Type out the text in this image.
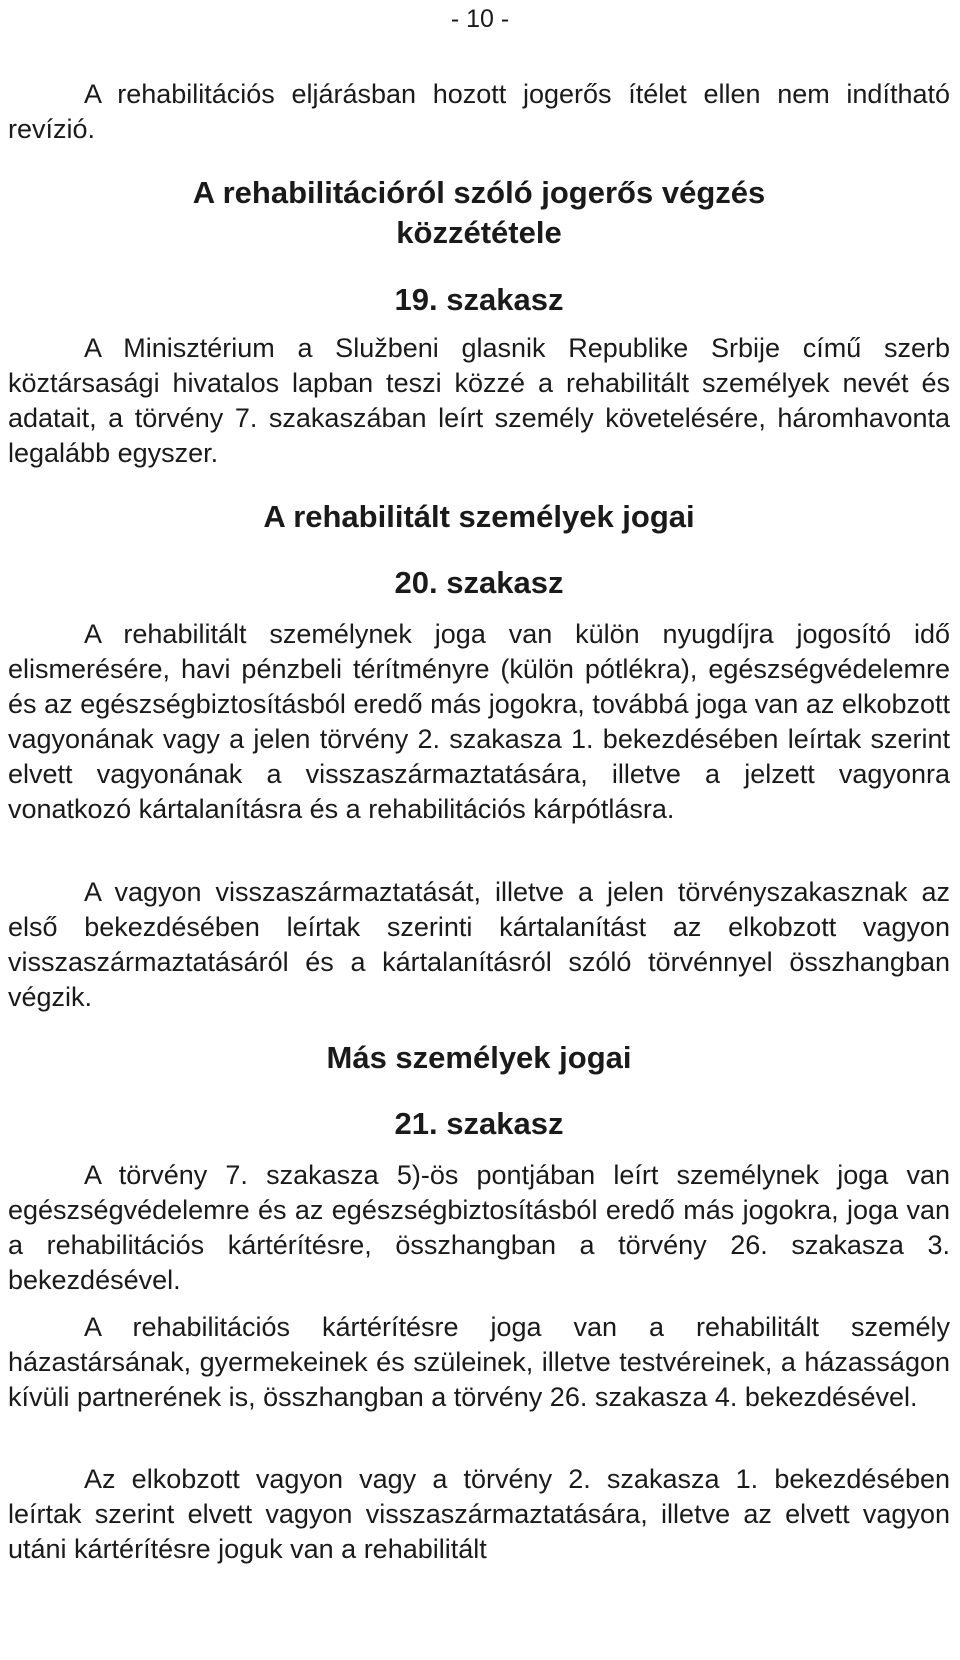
- 10 -

A rehabilitációs eljárásban hozott jogerős ítélet ellen nem indítható revízió.

A rehabilitációról szóló jogerős végzés
közzététele
19. szakasz

A Minisztérium a Službeni glasnik Republike Srbije című szerb köztársasági hivatalos lapban teszi közzé a rehabilitált személyek nevét és adatait, a törvény 7. szakaszában leírt személy követelésére, háromhavonta legalább egyszer.

A rehabilitált személyek jogai
20. szakasz

A rehabilitált személynek joga van külön nyugdíjra jogosító idő elismerésére, havi pénzbeli térítményre (külön pótlékra), egészségvédelemre és az egészségbiztosításból eredő más jogokra, továbbá joga van az elkobzott vagyonának vagy a jelen törvény 2. szakasza 1. bekezdésében leírtak szerint elvett vagyonának a visszaszármaztatására, illetve a jelzett vagyonra vonatkozó kártalanításra és a rehabilitációs kárpótlásra.

A vagyon visszaszármaztatását, illetve a jelen törvényszakasznak az első bekezdésében leírtak szerinti kártalanítást az elkobzott vagyon visszaszármaztatásáról és a kártalanításról szóló törvénnyel összhangban végzik.

Más személyek jogai
21. szakasz

A törvény 7. szakasza 5)-ös pontjában leírt személynek joga van egészségvédelemre és az egészségbiztosításból eredő más jogokra, joga van a rehabilitációs kártérítésre, összhangban a törvény 26. szakasza 3. bekezdésével.

A rehabilitációs kártérítésre joga van a rehabilitált személy házastársának, gyermekeinek és szüleinek, illetve testvéreinek, a házasságon kívüli partnerének is, összhangban a törvény 26. szakasza 4. bekezdésével.

Az elkobzott vagyon vagy a törvény 2. szakasza 1. bekezdésében leírtak szerint elvett vagyon visszaszármaztatására, illetve az elvett vagyon utáni kártérítésre joguk van a rehabilitált
